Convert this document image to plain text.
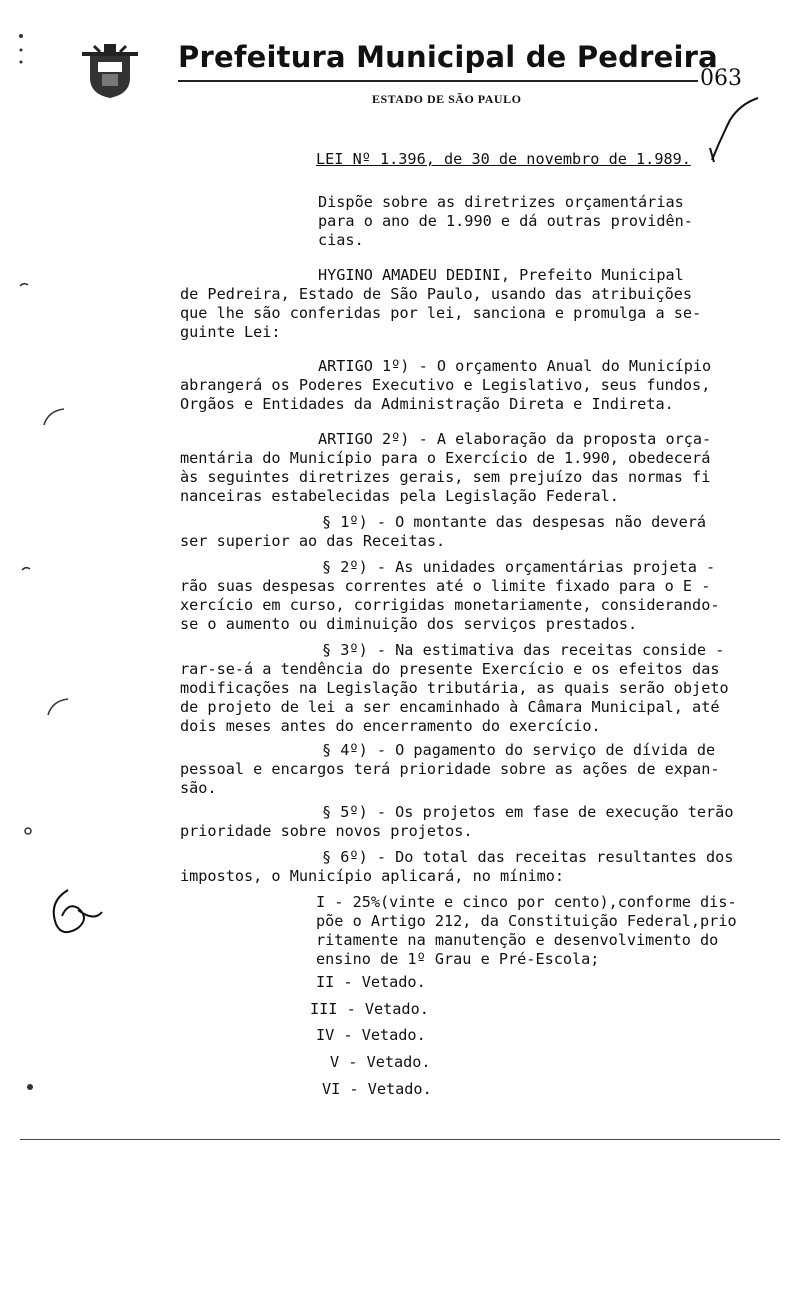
Prefeitura Municipal de Pedreira
063
ESTADO DE SÃO PAULO
LEI Nº 1.396, de 30 de novembro de 1.989.
Dispõe sobre as diretrizes orçamentárias
para o ano de 1.990 e dá outras providên-
cias.
HYGINO AMADEU DEDINI, Prefeito Municipal
de Pedreira, Estado de São Paulo, usando das atribuições
que lhe são conferidas por lei, sanciona e promulga a se-
guinte Lei:
ARTIGO 1º) - O orçamento Anual do Município
abrangerá os Poderes Executivo e Legislativo, seus fundos,
Orgãos e Entidades da Administração Direta e Indireta.
ARTIGO 2º) - A elaboração da proposta orça-
mentária do Município para o Exercício de 1.990, obedecerá
às seguintes diretrizes gerais, sem prejuízo das normas fi
nanceiras estabelecidas pela Legislação Federal.
§ 1º) - O montante das despesas não deverá
ser superior ao das Receitas.
§ 2º) - As unidades orçamentárias projeta -
rão suas despesas correntes até o limite fixado para o E -
xercício em curso, corrigidas monetariamente, considerando-
se o aumento ou diminuição dos serviços prestados.
§ 3º) - Na estimativa das receitas conside -
rar-se-á a tendência do presente Exercício e os efeitos das
modificações na Legislação tributária, as quais serão objeto
de projeto de lei a ser encaminhado à Câmara Municipal, até
dois meses antes do encerramento do exercício.
§ 4º) - O pagamento do serviço de dívida de
pessoal e encargos terá prioridade sobre as ações de expan-
são.
§ 5º) - Os projetos em fase de execução terão
prioridade sobre novos projetos.
§ 6º) - Do total das receitas resultantes dos
impostos, o Município aplicará, no mínimo:
I - 25%(vinte e cinco por cento),conforme dis-
põe o Artigo 212, da Constituição Federal,prio
ritamente na manutenção e desenvolvimento do
ensino de 1º Grau e Pré-Escola;
II - Vetado.
III - Vetado.
IV - Vetado.
V - Vetado.
VI - Vetado.
